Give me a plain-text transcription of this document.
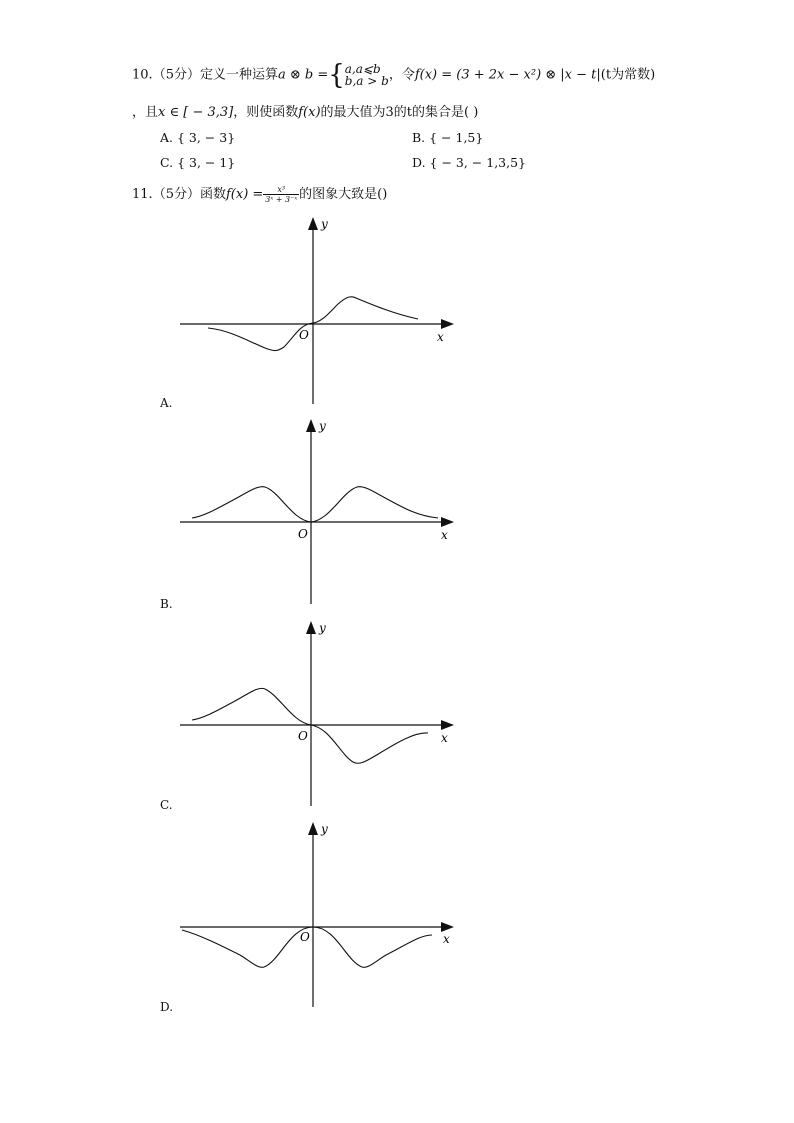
10.（5分）定义一种运算a ⊗ b ={ a,a⩽b
b,a > b ，令f(x) = (3 + 2x − x²) ⊗ |x − t|(t为常数)
，且x ∈ [ − 3,3]，则使函数f(x)的最大值为3的t的集合是( )
A. { 3, − 3}	B. { − 1,5}
C. { 3, − 1}	D. { − 3, − 1,3,5}
11.（5分）函数$f(x) = \frac{\text{x³}}{\text{3ˣ + 3⁻ˣ}}$ 的图象大致是()
y
x
O
A.
y
x
O
B.
y
x
O
C.
y
x
O
D.
